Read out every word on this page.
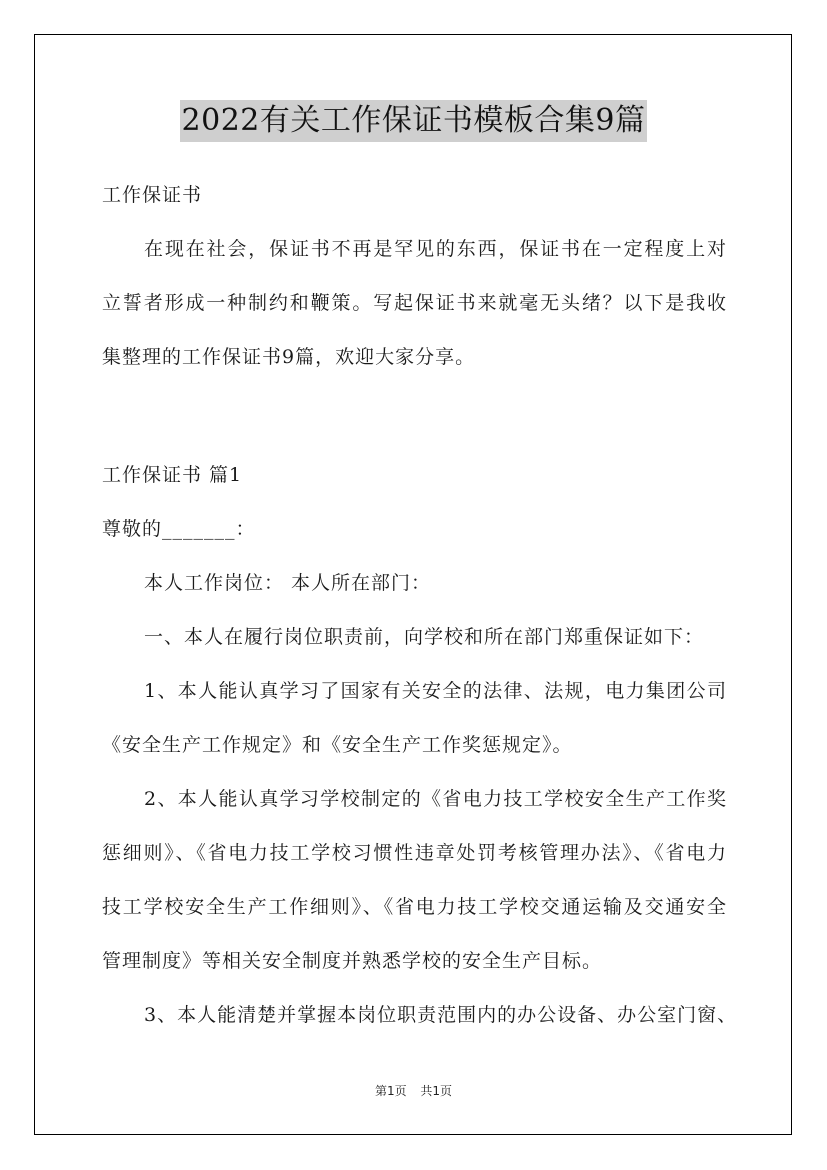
2022有关工作保证书模板合集9篇
工作保证书
在现在社会，保证书不再是罕见的东西，保证书在一定程度上对
立誓者形成一种制约和鞭策。写起保证书来就毫无头绪？以下是我收
集整理的工作保证书9篇，欢迎大家分享。
工作保证书 篇1
尊敬的_______：
本人工作岗位： 本人所在部门：
一、本人在履行岗位职责前，向学校和所在部门郑重保证如下：
1、本人能认真学习了国家有关安全的法律、法规，电力集团公司
《安全生产工作规定》和《安全生产工作奖惩规定》。
2、本人能认真学习学校制定的《省电力技工学校安全生产工作奖
惩细则》、《省电力技工学校习惯性违章处罚考核管理办法》、《省电力
技工学校安全生产工作细则》、《省电力技工学校交通运输及交通安全
管理制度》等相关安全制度并熟悉学校的安全生产目标。
3、本人能清楚并掌握本岗位职责范围内的办公设备、办公室门窗、
第1页 共1页
